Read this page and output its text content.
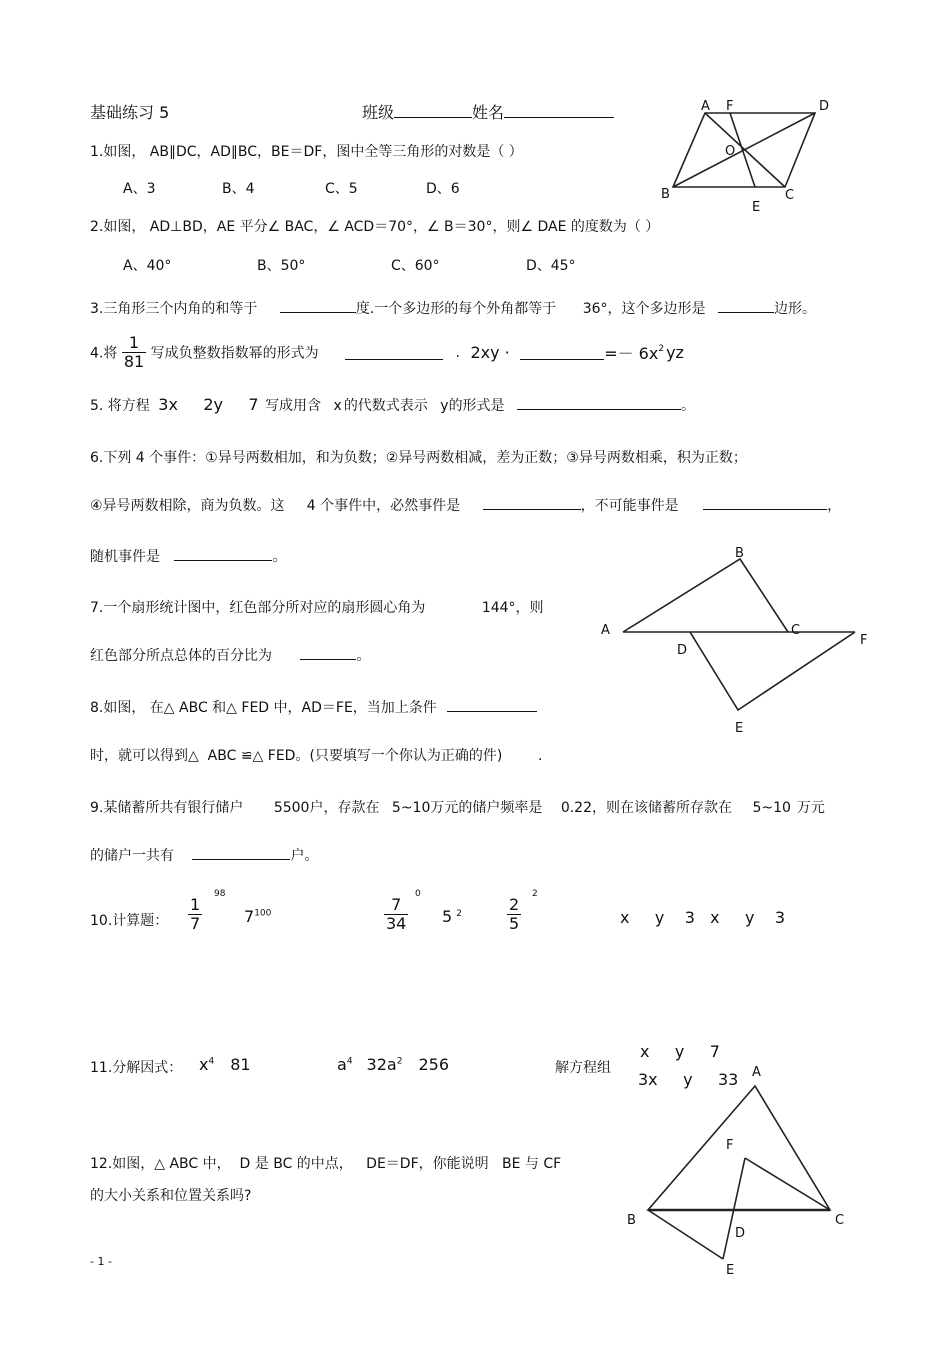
基础练习 5	班级	姓名	A F	D
O
B
E
C
1.如图， AB∥DC，AD∥BC，BE＝DF，图中全等三角形的对数是（ ）
A、3	B、4	C、5	D、6
2.如图， AD⊥BD，AE 平分∠ BAC，∠ ACD＝70°，∠ B＝30°，则∠ DAE 的度数为（ ）
A、40°	B、50°	C、60°	D、45°
3.三角形三个内角的和等于	度.一个多边形的每个外角都等于 36°，这个多边形是	边形。
4.将 $\frac{1}{81}$ 写成负整数指数幂的形式为	. 2xy ·	=－ $6x^2$ yz
5. 将方程 3x     2y     7 写成用含 x 的代数式表示 y的形式是	。
6.下列 4 个事件：①异号两数相加，和为负数；②异号两数相减，差为正数；③异号两数相乘，积为正数；
④异号两数相除，商为负数。这     4 个事件中，必然事件是	，不可能事件是	，
随机事件是	。	B
A	C
F
D
E
7.一个扇形统计图中，红色部分所对应的扇形圆心角为	144°，则
红色部分所点总体的百分比为	。
8.如图， 在△ ABC 和△ FED 中，AD＝FE，当加上条件
时，就可以得到△  ABC ≌△ FED。(只要填写一个你认为正确的件)        .
9.某储蓄所共有银行储户 5500户，存款在 5~10万元的储户频率是 0.22，则在该储蓄所存款在 5~10 万元
的储户一共有	户。
10.计算题： $\frac{1}{7}$
98
$7^{100}$	$\frac{7}{34}$
0
5 $^2$	$\frac{2}{5}$
2
x     y    3   x     y    3
11.分解因式： $x^4$ 81	$a^4$ $32a^2$ 256	解方程组
x     y     7
3x     y     33 A
F
B
D
C
E
12.如图，△ ABC 中，  D 是 BC 的中点，   DE＝DF，你能说明   BE 与 CF
的大小关系和位置关系吗?
- 1 -
